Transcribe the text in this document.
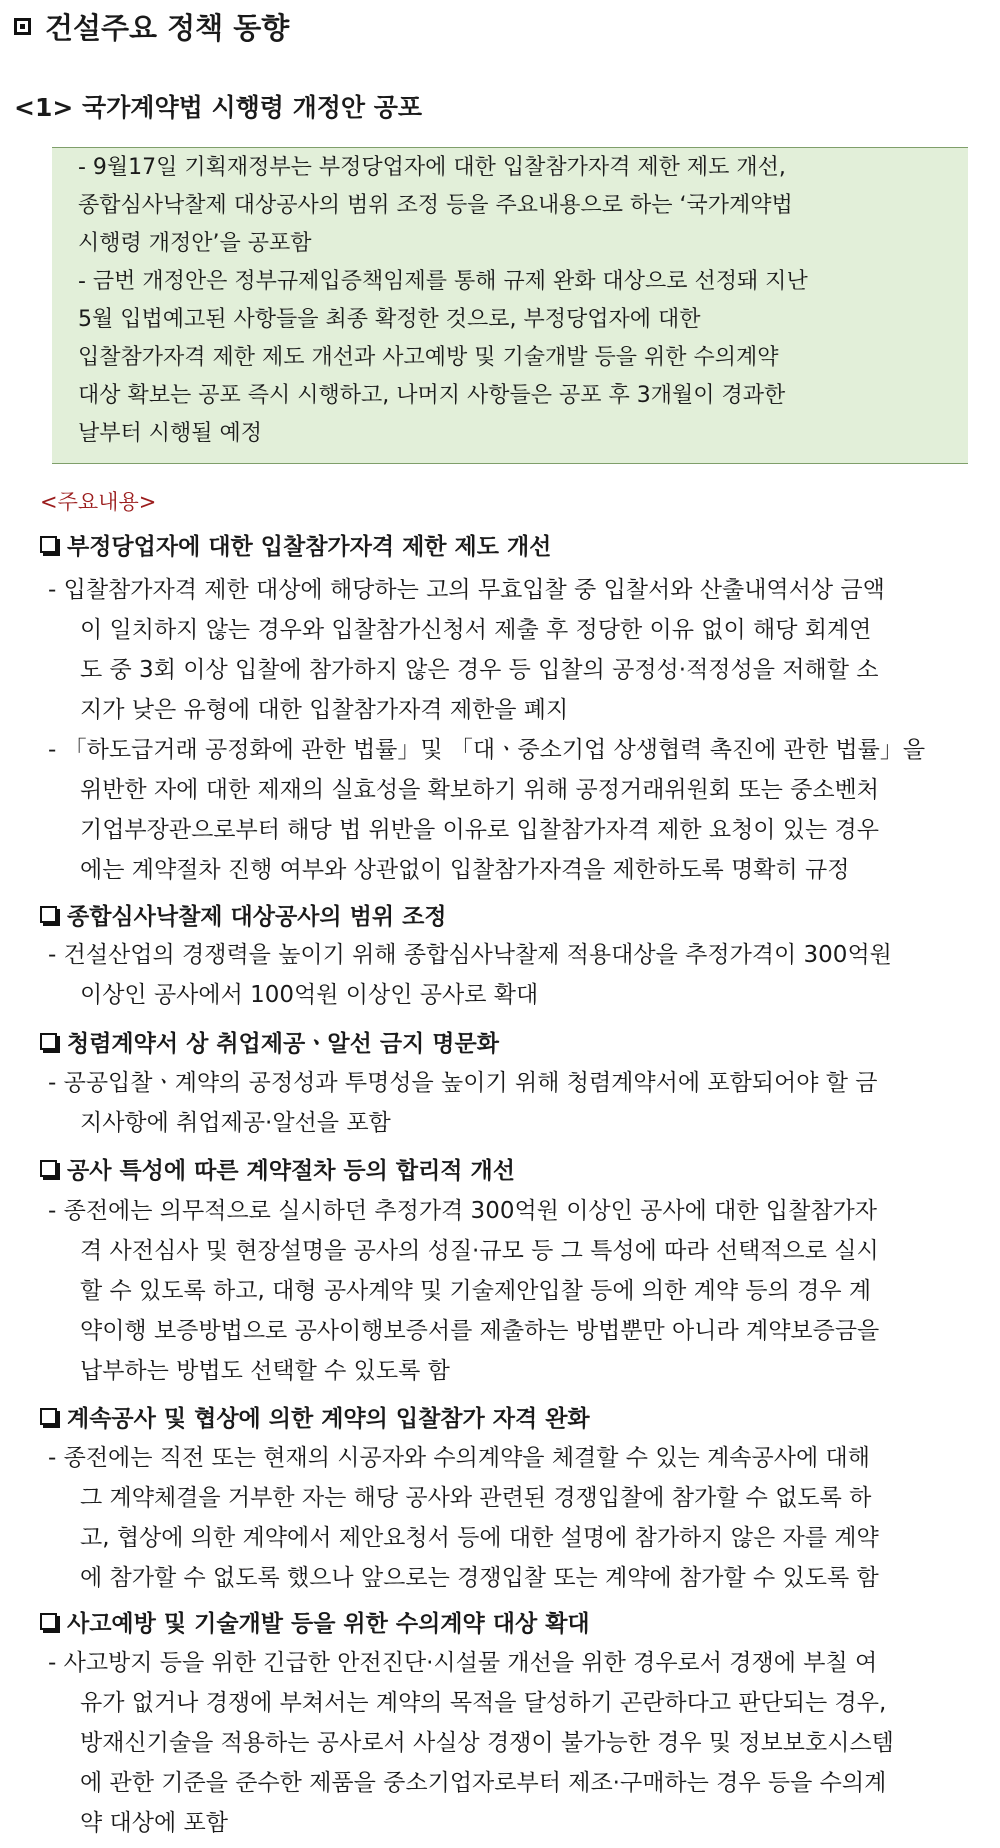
건설주요 정책 동향
<1> 국가계약법 시행령 개정안 공포
- 9월17일 기획재정부는 부정당업자에 대한 입찰참가자격 제한 제도 개선,
종합심사낙찰제 대상공사의 범위 조정 등을 주요내용으로 하는 ‘국가계약법
시행령 개정안’을 공포함
- 금번 개정안은 정부규제입증책임제를 통해 규제 완화 대상으로 선정돼 지난
5월 입법예고된 사항들을 최종 확정한 것으로, 부정당업자에 대한
입찰참가자격 제한 제도 개선과 사고예방 및 기술개발 등을 위한 수의계약
대상 확보는 공포 즉시 시행하고, 나머지 사항들은 공포 후 3개월이 경과한
날부터 시행될 예정
<주요내용>
부정당업자에 대한 입찰참가자격 제한 제도 개선
- 입찰참가자격 제한 대상에 해당하는 고의 무효입찰 중 입찰서와 산출내역서상 금액
이 일치하지 않는 경우와 입찰참가신청서 제출 후 정당한 이유 없이 해당 회계연
도 중 3회 이상 입찰에 참가하지 않은 경우 등 입찰의 공정성·적정성을 저해할 소
지가 낮은 유형에 대한 입찰참가자격 제한을 폐지
- 「하도급거래 공정화에 관한 법률」및 「대ㆍ중소기업 상생협력 촉진에 관한 법률」을
위반한 자에 대한 제재의 실효성을 확보하기 위해 공정거래위원회 또는 중소벤처
기업부장관으로부터 해당 법 위반을 이유로 입찰참가자격 제한 요청이 있는 경우
에는 계약절차 진행 여부와 상관없이 입찰참가자격을 제한하도록 명확히 규정
종합심사낙찰제 대상공사의 범위 조정
- 건설산업의 경쟁력을 높이기 위해 종합심사낙찰제 적용대상을 추정가격이 300억원
이상인 공사에서 100억원 이상인 공사로 확대
청렴계약서 상 취업제공ㆍ알선 금지 명문화
- 공공입찰ㆍ계약의 공정성과 투명성을 높이기 위해 청렴계약서에 포함되어야 할 금
지사항에 취업제공·알선을 포함
공사 특성에 따른 계약절차 등의 합리적 개선
- 종전에는 의무적으로 실시하던 추정가격 300억원 이상인 공사에 대한 입찰참가자
격 사전심사 및 현장설명을 공사의 성질·규모 등 그 특성에 따라 선택적으로 실시
할 수 있도록 하고, 대형 공사계약 및 기술제안입찰 등에 의한 계약 등의 경우 계
약이행 보증방법으로 공사이행보증서를 제출하는 방법뿐만 아니라 계약보증금을
납부하는 방법도 선택할 수 있도록 함
계속공사 및 협상에 의한 계약의 입찰참가 자격 완화
- 종전에는 직전 또는 현재의 시공자와 수의계약을 체결할 수 있는 계속공사에 대해
그 계약체결을 거부한 자는 해당 공사와 관련된 경쟁입찰에 참가할 수 없도록 하
고, 협상에 의한 계약에서 제안요청서 등에 대한 설명에 참가하지 않은 자를 계약
에 참가할 수 없도록 했으나 앞으로는 경쟁입찰 또는 계약에 참가할 수 있도록 함
사고예방 및 기술개발 등을 위한 수의계약 대상 확대
- 사고방지 등을 위한 긴급한 안전진단·시설물 개선을 위한 경우로서 경쟁에 부칠 여
유가 없거나 경쟁에 부쳐서는 계약의 목적을 달성하기 곤란하다고 판단되는 경우,
방재신기술을 적용하는 공사로서 사실상 경쟁이 불가능한 경우 및 정보보호시스템
에 관한 기준을 준수한 제품을 중소기업자로부터 제조·구매하는 경우 등을 수의계
약 대상에 포함
